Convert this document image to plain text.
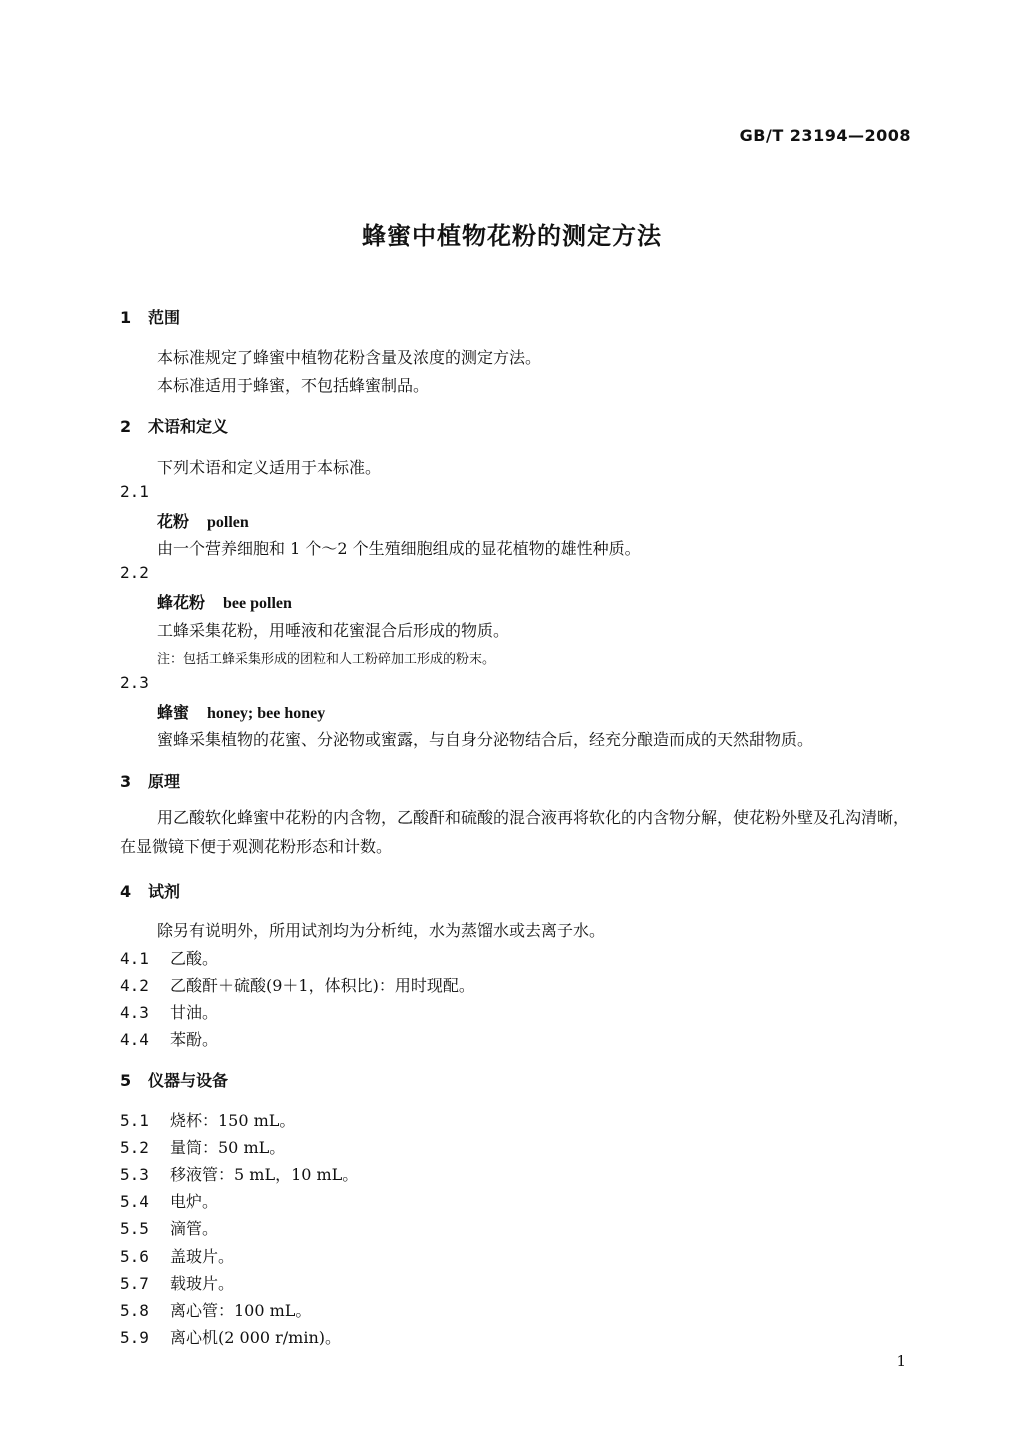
GB/T 23194—2008
蜂蜜中植物花粉的测定方法
1 范围
本标准规定了蜂蜜中植物花粉含量及浓度的测定方法。
本标准适用于蜂蜜，不包括蜂蜜制品。
2 术语和定义
下列术语和定义适用于本标准。
2.1
花粉 pollen
由一个营养细胞和 1 个～2 个生殖细胞组成的显花植物的雄性种质。
2.2
蜂花粉 bee pollen
工蜂采集花粉，用唾液和花蜜混合后形成的物质。
注：包括工蜂采集形成的团粒和人工粉碎加工形成的粉末。
2.3
蜂蜜 honey; bee honey
蜜蜂采集植物的花蜜、分泌物或蜜露，与自身分泌物结合后，经充分酿造而成的天然甜物质。
3 原理
用乙酸软化蜂蜜中花粉的内含物，乙酸酐和硫酸的混合液再将软化的内含物分解，使花粉外壁及孔沟清晰，在显微镜下便于观测花粉形态和计数。
4 试剂
除另有说明外，所用试剂均为分析纯，水为蒸馏水或去离子水。
4.1 乙酸。
4.2 乙酸酐＋硫酸(9＋1，体积比)：用时现配。
4.3 甘油。
4.4 苯酚。
5 仪器与设备
5.1 烧杯：150 mL。
5.2 量筒：50 mL。
5.3 移液管：5 mL，10 mL。
5.4 电炉。
5.5 滴管。
5.6 盖玻片。
5.7 载玻片。
5.8 离心管：100 mL。
5.9 离心机(2 000 r/min)。
1
